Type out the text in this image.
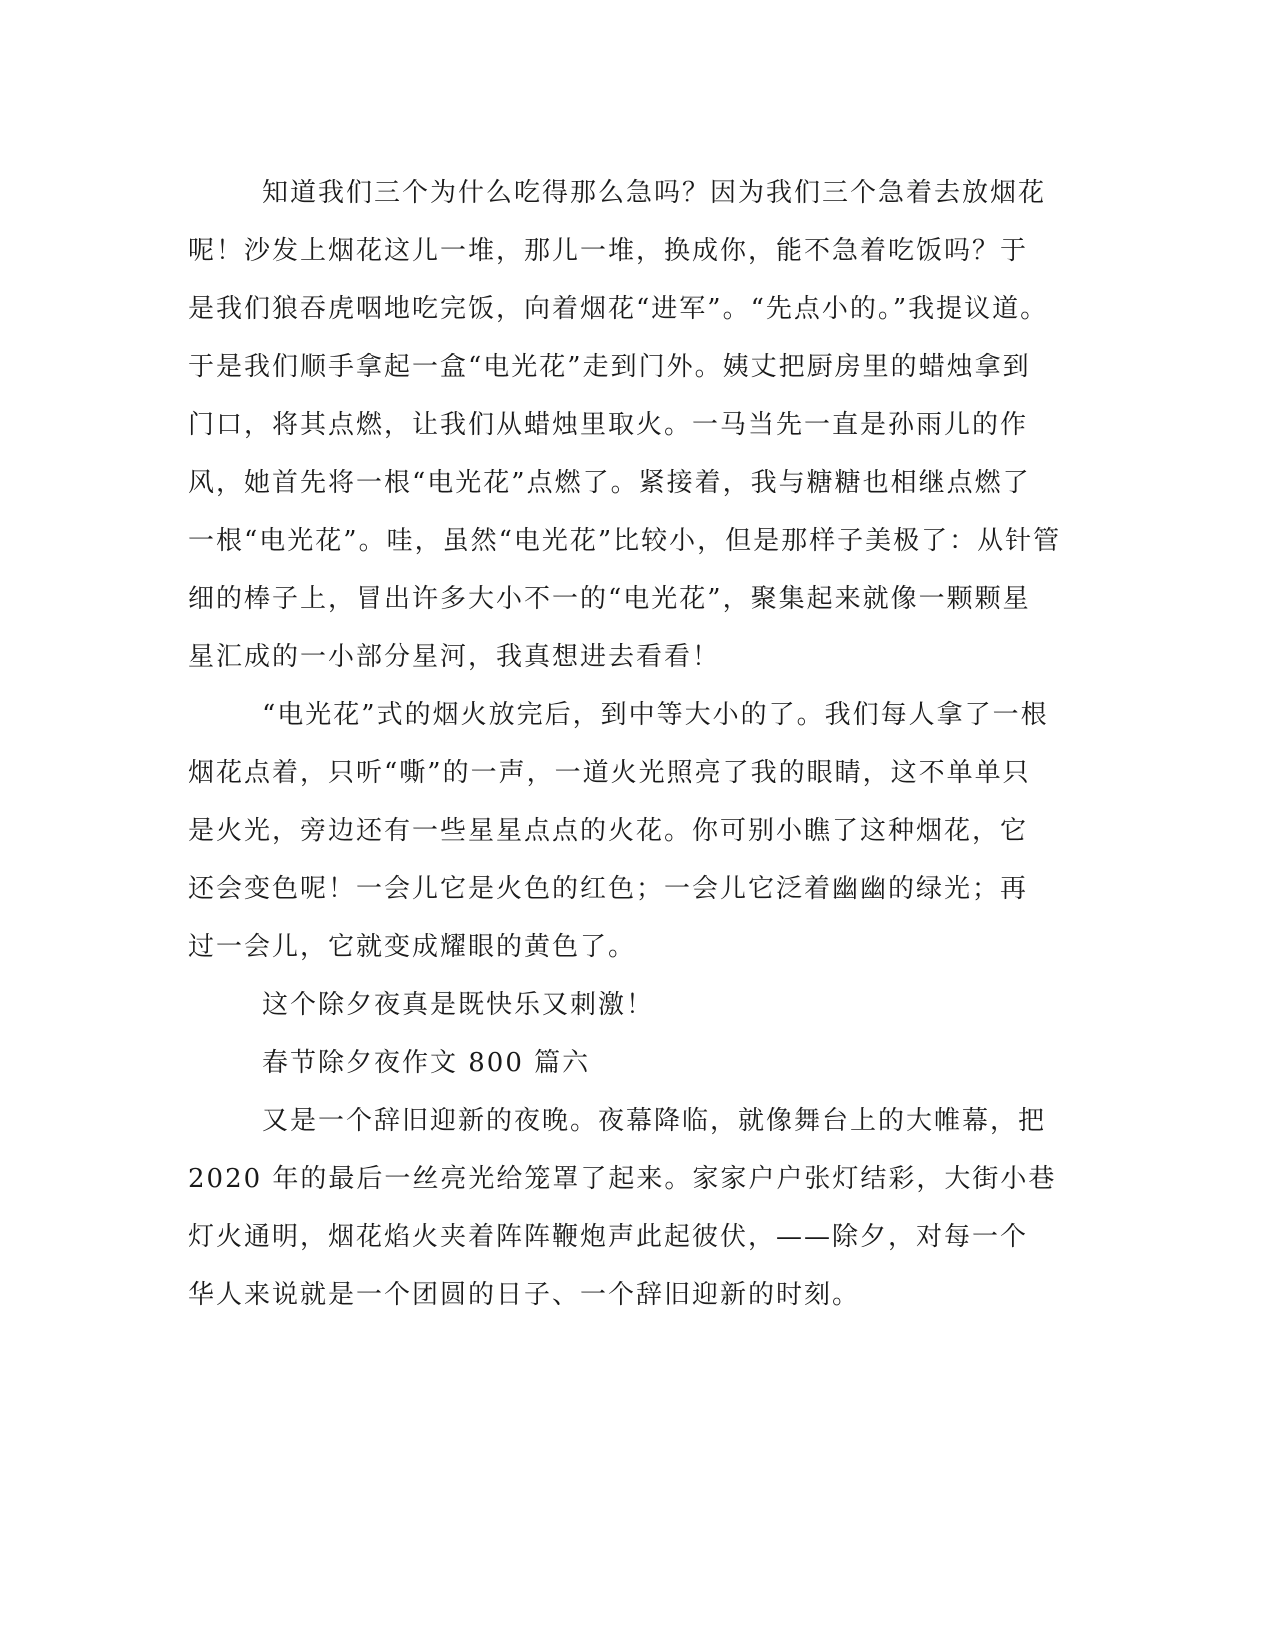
知道我们三个为什么吃得那么急吗？因为我们三个急着去放烟花
呢！沙发上烟花这儿一堆，那儿一堆，换成你，能不急着吃饭吗？于
是我们狼吞虎咽地吃完饭，向着烟花“进军”。“先点小的。”我提议道。
于是我们顺手拿起一盒“电光花”走到门外。姨丈把厨房里的蜡烛拿到
门口，将其点燃，让我们从蜡烛里取火。一马当先一直是孙雨儿的作
风，她首先将一根“电光花”点燃了。紧接着，我与糖糖也相继点燃了
一根“电光花”。哇，虽然“电光花”比较小，但是那样子美极了：从针管
细的棒子上，冒出许多大小不一的“电光花”，聚集起来就像一颗颗星
星汇成的一小部分星河，我真想进去看看！
“电光花”式的烟火放完后，到中等大小的了。我们每人拿了一根
烟花点着，只听“嘶”的一声，一道火光照亮了我的眼睛，这不单单只
是火光，旁边还有一些星星点点的火花。你可别小瞧了这种烟花，它
还会变色呢！一会儿它是火色的红色；一会儿它泛着幽幽的绿光；再
过一会儿，它就变成耀眼的黄色了。
这个除夕夜真是既快乐又刺激！
春节除夕夜作文 800 篇六
又是一个辞旧迎新的夜晚。夜幕降临，就像舞台上的大帷幕，把
2020 年的最后一丝亮光给笼罩了起来。家家户户张灯结彩，大街小巷
灯火通明，烟花焰火夹着阵阵鞭炮声此起彼伏，——除夕，对每一个
华人来说就是一个团圆的日子、一个辞旧迎新的时刻。
